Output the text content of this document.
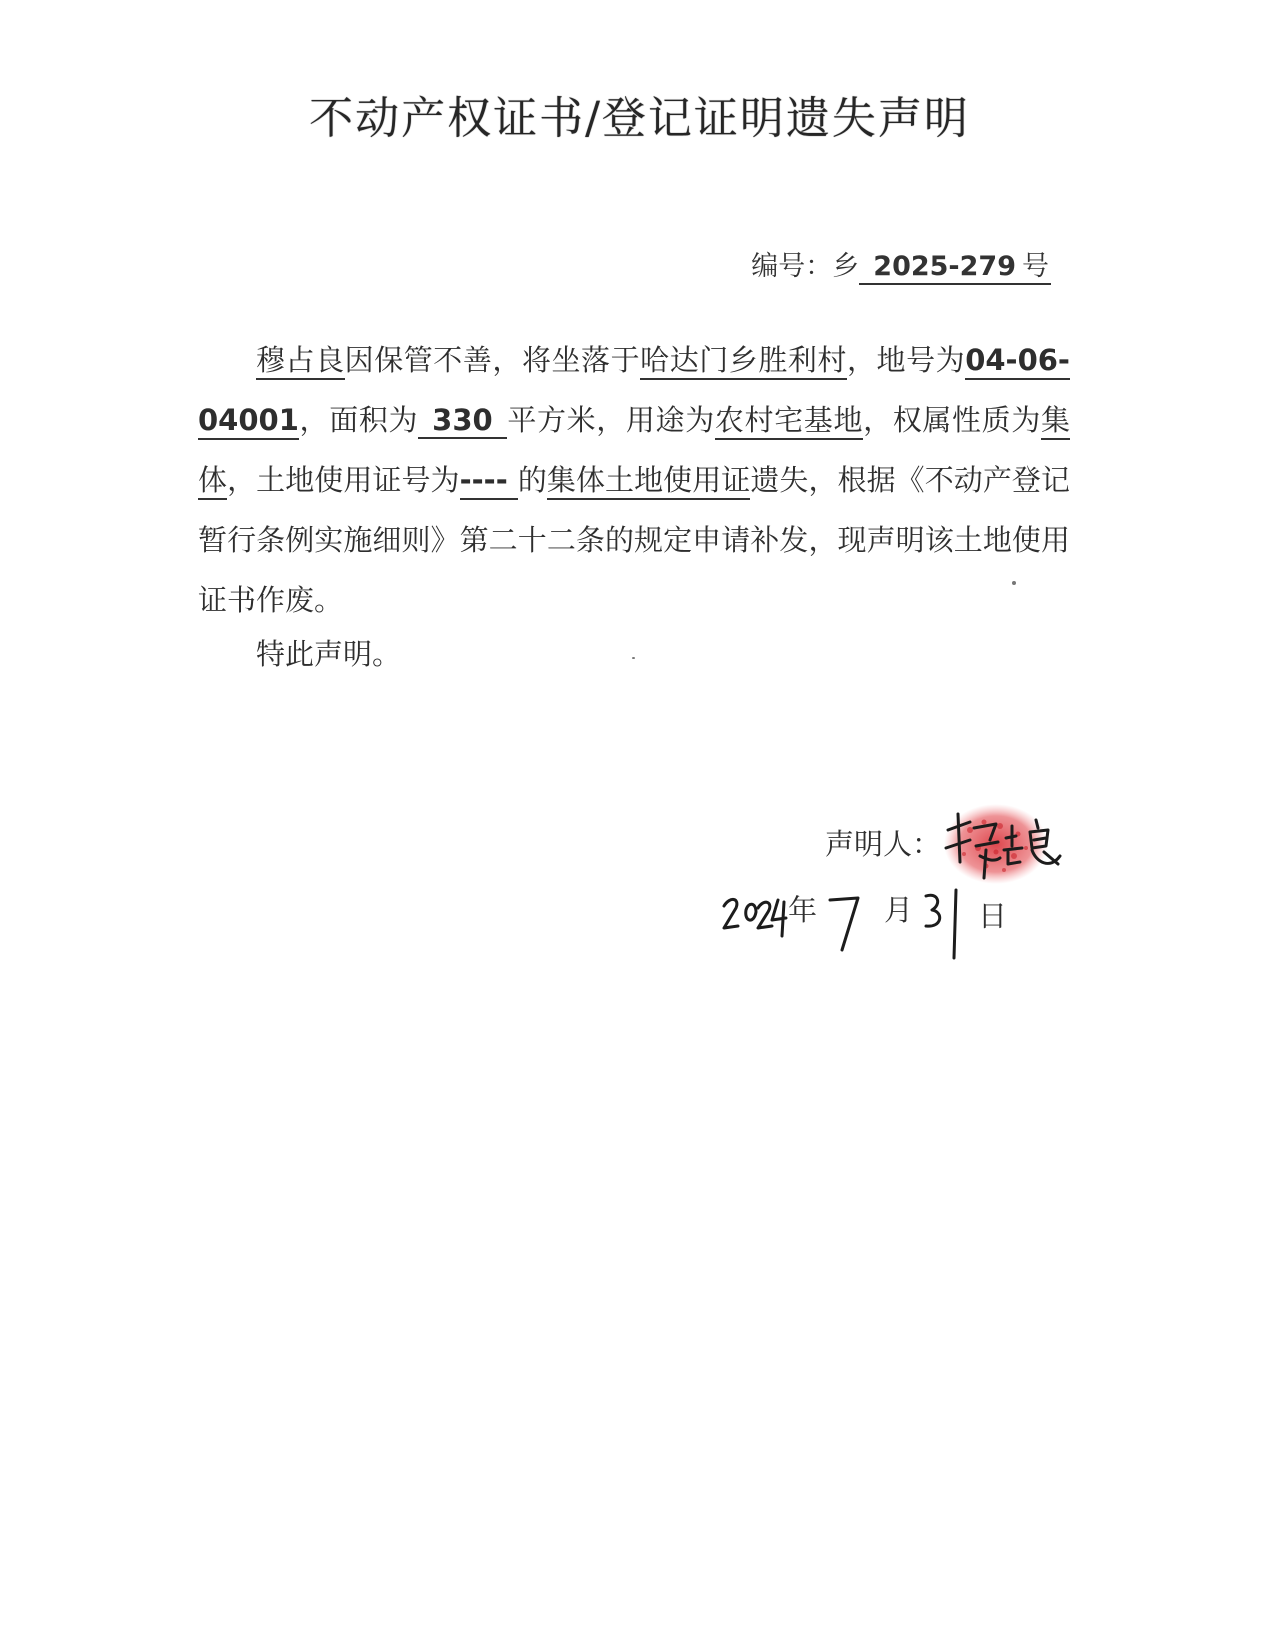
不动产权证书/登记证明遗失声明
编号：乡 2025-279 号
穆占良因保管不善，将坐落于哈达门乡胜利村，地号为04-06-04001，面积为 330 平方米，用途为农村宅基地，权属性质为集体，土地使用证号为---- 的集体土地使用证遗失，根据《不动产登记暂行条例实施细则》第二十二条的规定申请补发，现声明该土地使用证书作废。
特此声明。
声明人：
年 月 日
